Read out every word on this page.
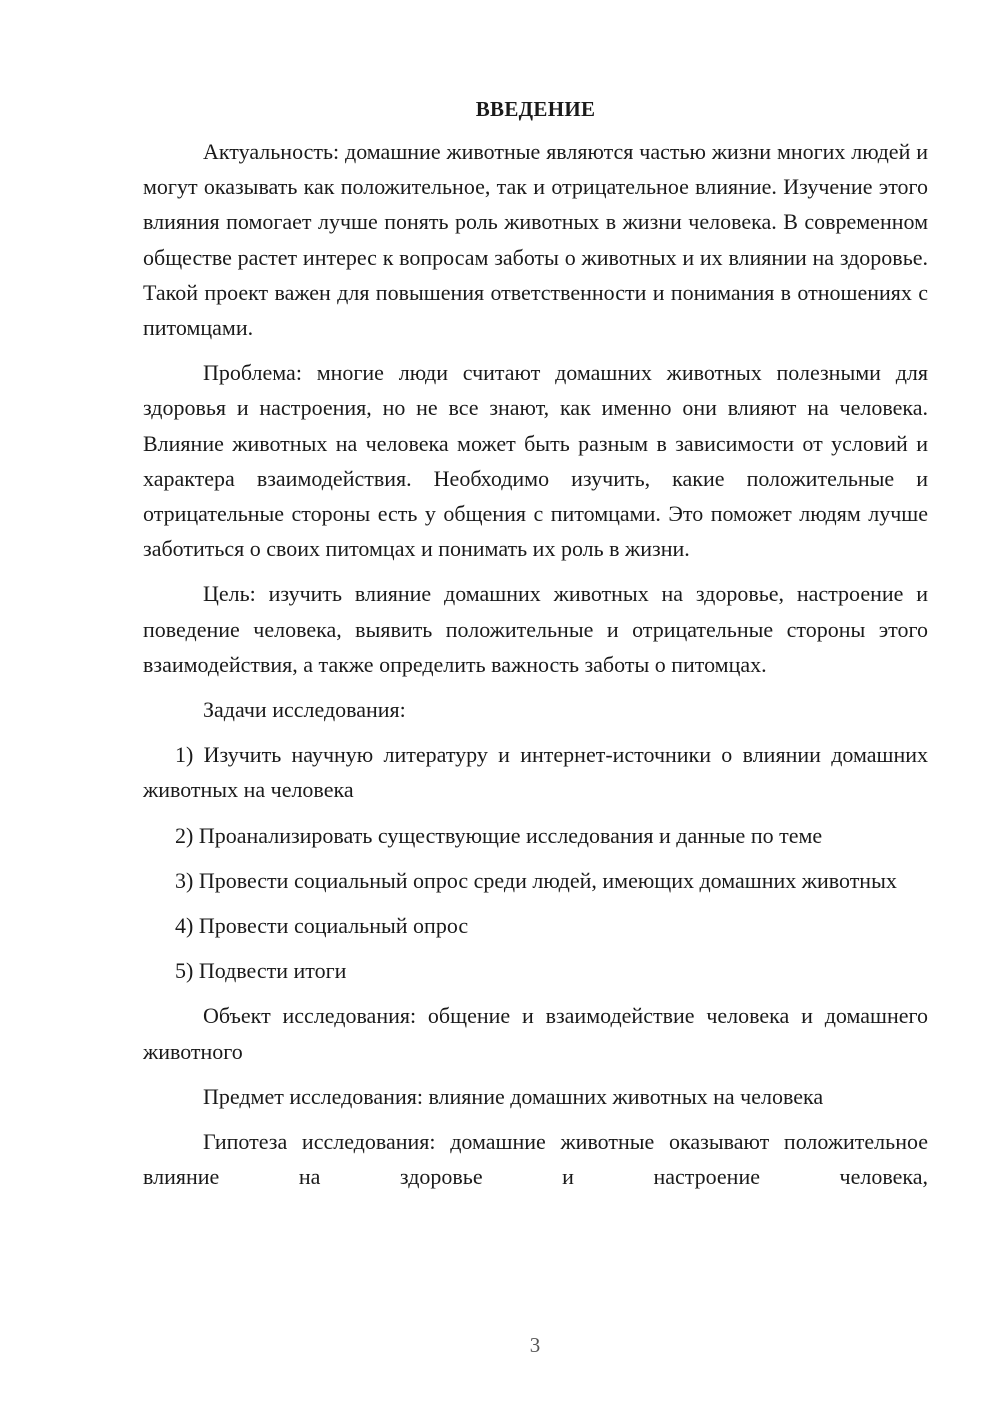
ВВЕДЕНИЕ

Актуальность: домашние животные являются частью жизни многих людей и могут оказывать как положительное, так и отрицательное влияние. Изучение этого влияния помогает лучше понять роль животных в жизни человека. В современном обществе растет интерес к вопросам заботы о животных и их влиянии на здоровье. Такой проект важен для повышения ответственности и понимания в отношениях с питомцами.

Проблема: многие люди считают домашних животных полезными для здоровья и настроения, но не все знают, как именно они влияют на человека. Влияние животных на человека может быть разным в зависимости от условий и характера взаимодействия. Необходимо изучить, какие положительные и отрицательные стороны есть у общения с питомцами. Это поможет людям лучше заботиться о своих питомцах и понимать их роль в жизни.

Цель: изучить влияние домашних животных на здоровье, настроение и поведение человека, выявить положительные и отрицательные стороны этого взаимодействия, а также определить важность заботы о питомцах.

Задачи исследования:

1) Изучить научную литературу и интернет-источники о влиянии домашних животных на человека

2) Проанализировать существующие исследования и данные по теме

3) Провести социальный опрос среди людей, имеющих домашних животных

4) Провести социальный опрос

5) Подвести итоги

Объект исследования: общение и взаимодействие человека и домашнего животного

Предмет исследования: влияние домашних животных на человека

Гипотеза исследования: домашние животные оказывают положительное влияние на здоровье и настроение человека,

3
